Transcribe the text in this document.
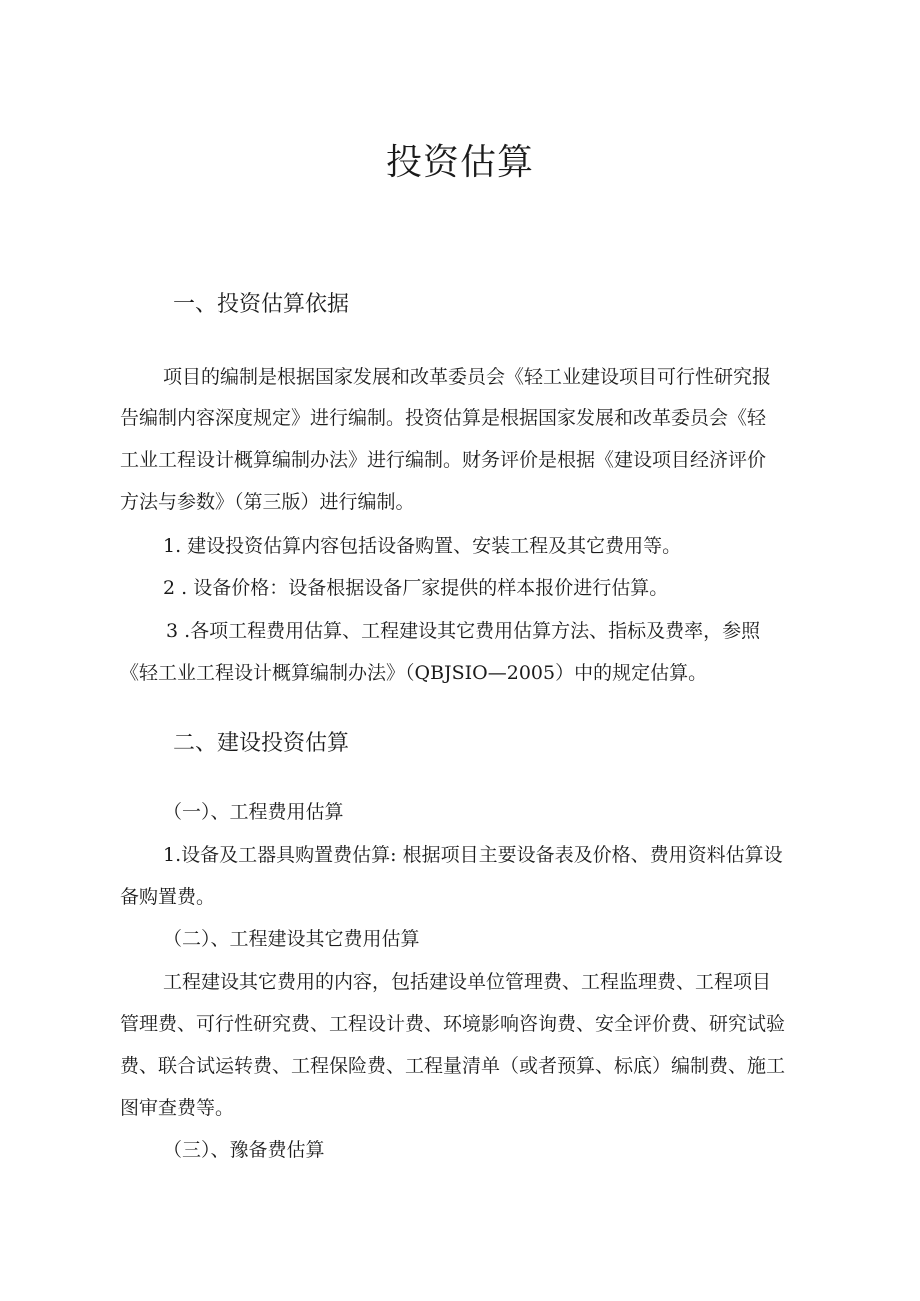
投资估算
一、投资估算依据
项目的编制是根据国家发展和改革委员会《轻工业建设项目可行性研究报
告编制内容深度规定》进行编制。投资估算是根据国家发展和改革委员会《轻
工业工程设计概算编制办法》进行编制。财务评价是根据《建设项目经济评价
方法与参数》（第三版）进行编制。
1. 建设投资估算内容包括设备购置、安装工程及其它费用等。
2 . 设备价格：设备根据设备厂家提供的样本报价进行估算。
3 .各项工程费用估算、工程建设其它费用估算方法、指标及费率，参照
《轻工业工程设计概算编制办法》（QBJSIO—2005）中的规定估算。
二、建设投资估算
（一）、工程费用估算
1.设备及工器具购置费估算: 根据项目主要设备表及价格、费用资料估算设
备购置费。
（二）、工程建设其它费用估算
工程建设其它费用的内容，包括建设单位管理费、工程监理费、工程项目
管理费、可行性研究费、工程设计费、环境影响咨询费、安全评价费、研究试验
费、联合试运转费、工程保险费、工程量清单（或者预算、标底）编制费、施工
图审查费等。
（三）、豫备费估算
